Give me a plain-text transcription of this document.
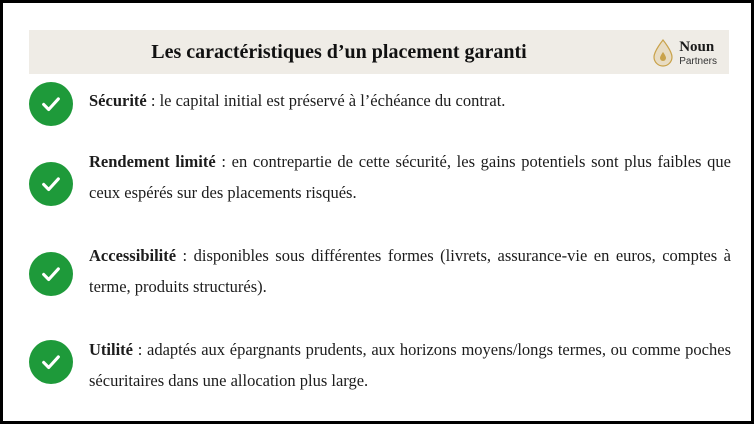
Les caractéristiques d’un placement garanti	Noun
Partners
Sécurité : le capital initial est préservé à l’échéance du contrat.
Rendement limité : en contrepartie de cette sécurité, les gains potentiels sont plus faibles que ceux espérés sur des placements risqués.
Accessibilité : disponibles sous différentes formes (livrets, assurance-vie en euros, comptes à terme, produits structurés).
Utilité : adaptés aux épargnants prudents, aux horizons moyens/longs termes, ou comme poches sécuritaires dans une allocation plus large.
